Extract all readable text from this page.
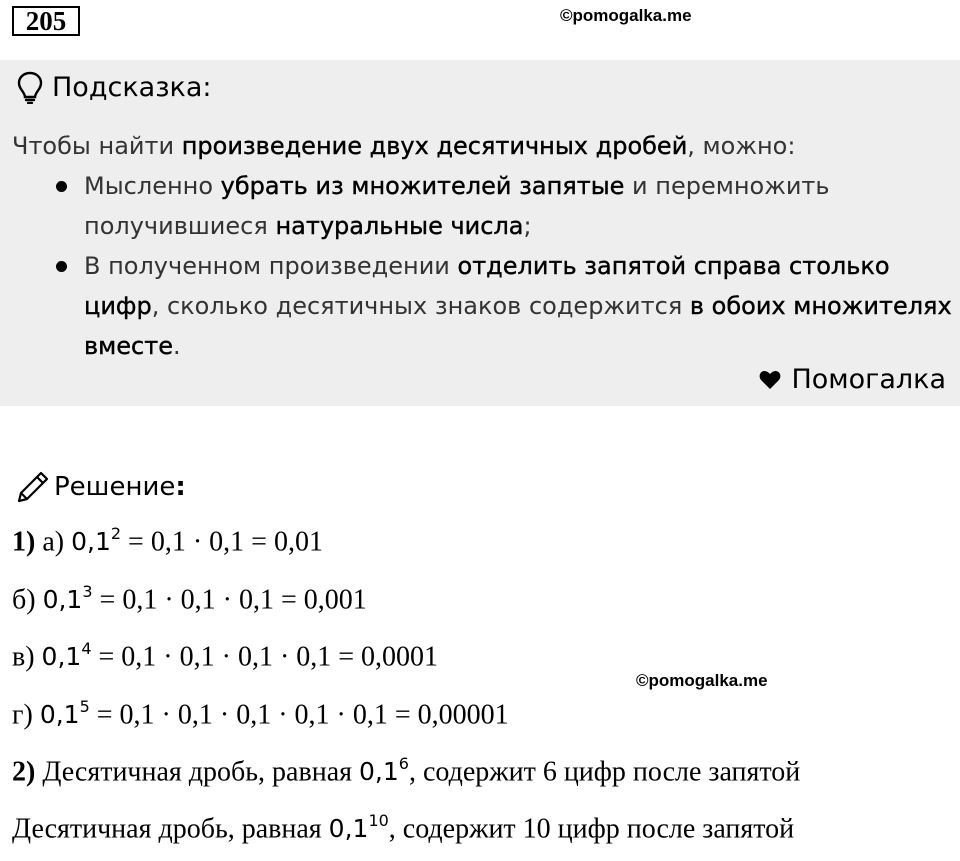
205	©pomogalka.me
Подсказка:
Чтобы найти произведение двух десятичных дробей, можно:
Мысленно убрать из множителей запятые и перемножить получившиеся натуральные числа;
В полученном произведении отделить запятой справа столько цифр, сколько десятичных знаков содержится в обоих множителях вместе.
Помогалка
Решение :
1) а) $0,1^2 = 0,1 \cdot 0,1 = 0,01$
б) $0,1^3 = 0,1 \cdot 0,1 \cdot 0,1 = 0,001$
в) $0,1^4 = 0,1 \cdot 0,1 \cdot 0,1 \cdot 0,1 = 0,0001$
©pomogalka.me
г) $0,1^5 = 0,1 \cdot 0,1 \cdot 0,1 \cdot 0,1 \cdot 0,1 = 0,00001$
2) Десятичная дробь, равная $0,1^6$, содержит 6 цифр после запятой
Десятичная дробь, равная $0,1^{10}$, содержит 10 цифр после запятой
